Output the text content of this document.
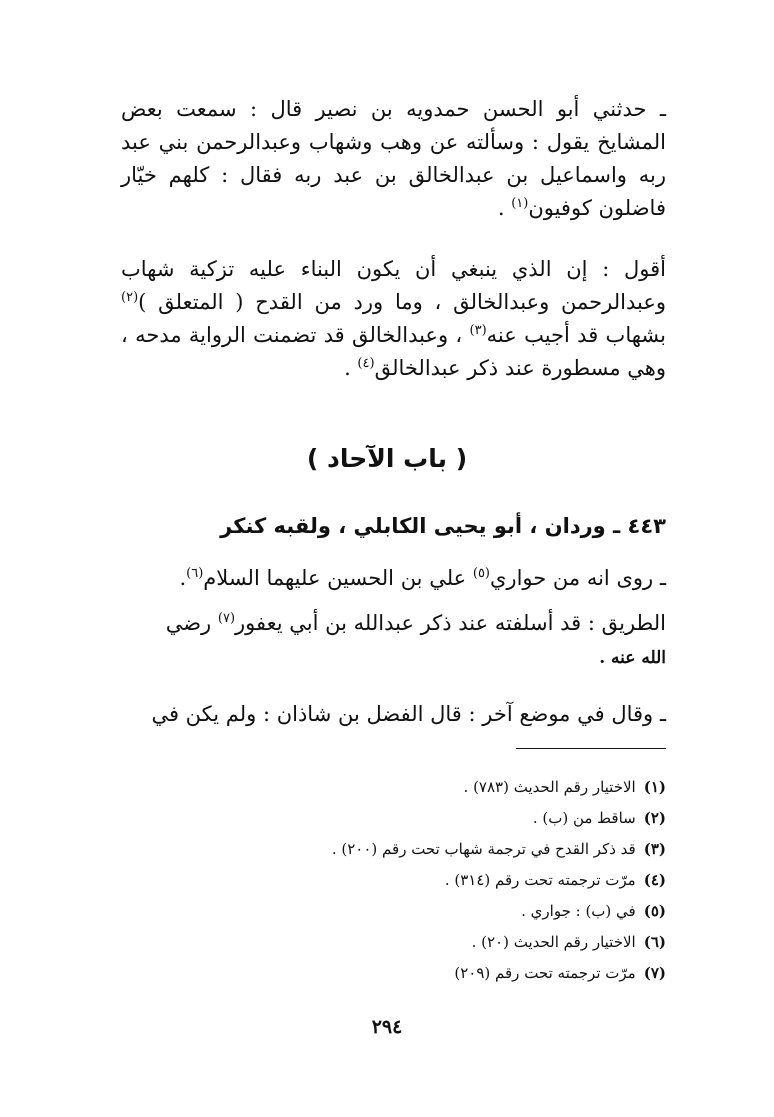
ـ حدثني أبو الحسن حمدويه بن نصير قال : سمعت بعض المشايخ يقول : وسألته عن وهب وشهاب وعبدالرحمن بني عبد ربه واسماعيل بن عبدالخالق بن عبد ربه فقال : كلهم خيّار فاضلون كوفيون$^{(١)}$ .

أقول : إن الذي ينبغي أن يكون البناء عليه تزكية شهاب وعبدالرحمن وعبدالخالق ، وما ورد من القدح ( المتعلق )$^{(٢)}$ بشهاب قد أجيب عنه$^{(٣)}$ ، وعبدالخالق قد تضمنت الرواية مدحه ، وهي مسطورة عند ذكر عبدالخالق$^{(٤)}$ .

( باب الآحاد )
٤٤٣ ـ وردان ، أبو يحيى الكابلي ، ولقبه كنكر

ـ روى انه من حواري$^{(٥)}$ علي بن الحسين عليهما السلام$^{(٦)}$.

الطريق : قد أسلفته عند ذكر عبدالله بن أبي يعفور$^{(٧)}$ رضي
الله عنه .

ـ وقال في موضع آخر : قال الفضل بن شاذان : ولم يكن في

(١)الاختيار رقم الحديث (٧٨٣) .
(٢)ساقط من (ب) .
(٣)قد ذكر القدح في ترجمة شهاب تحت رقم (٢٠٠) .
(٤)مرّت ترجمته تحت رقم (٣١٤) .
(٥)في (ب) : جواري .
(٦)الاختيار رقم الحديث (٢٠) .
(٧)مرّت ترجمته تحت رقم (٢٠٩)
٢٩٤
